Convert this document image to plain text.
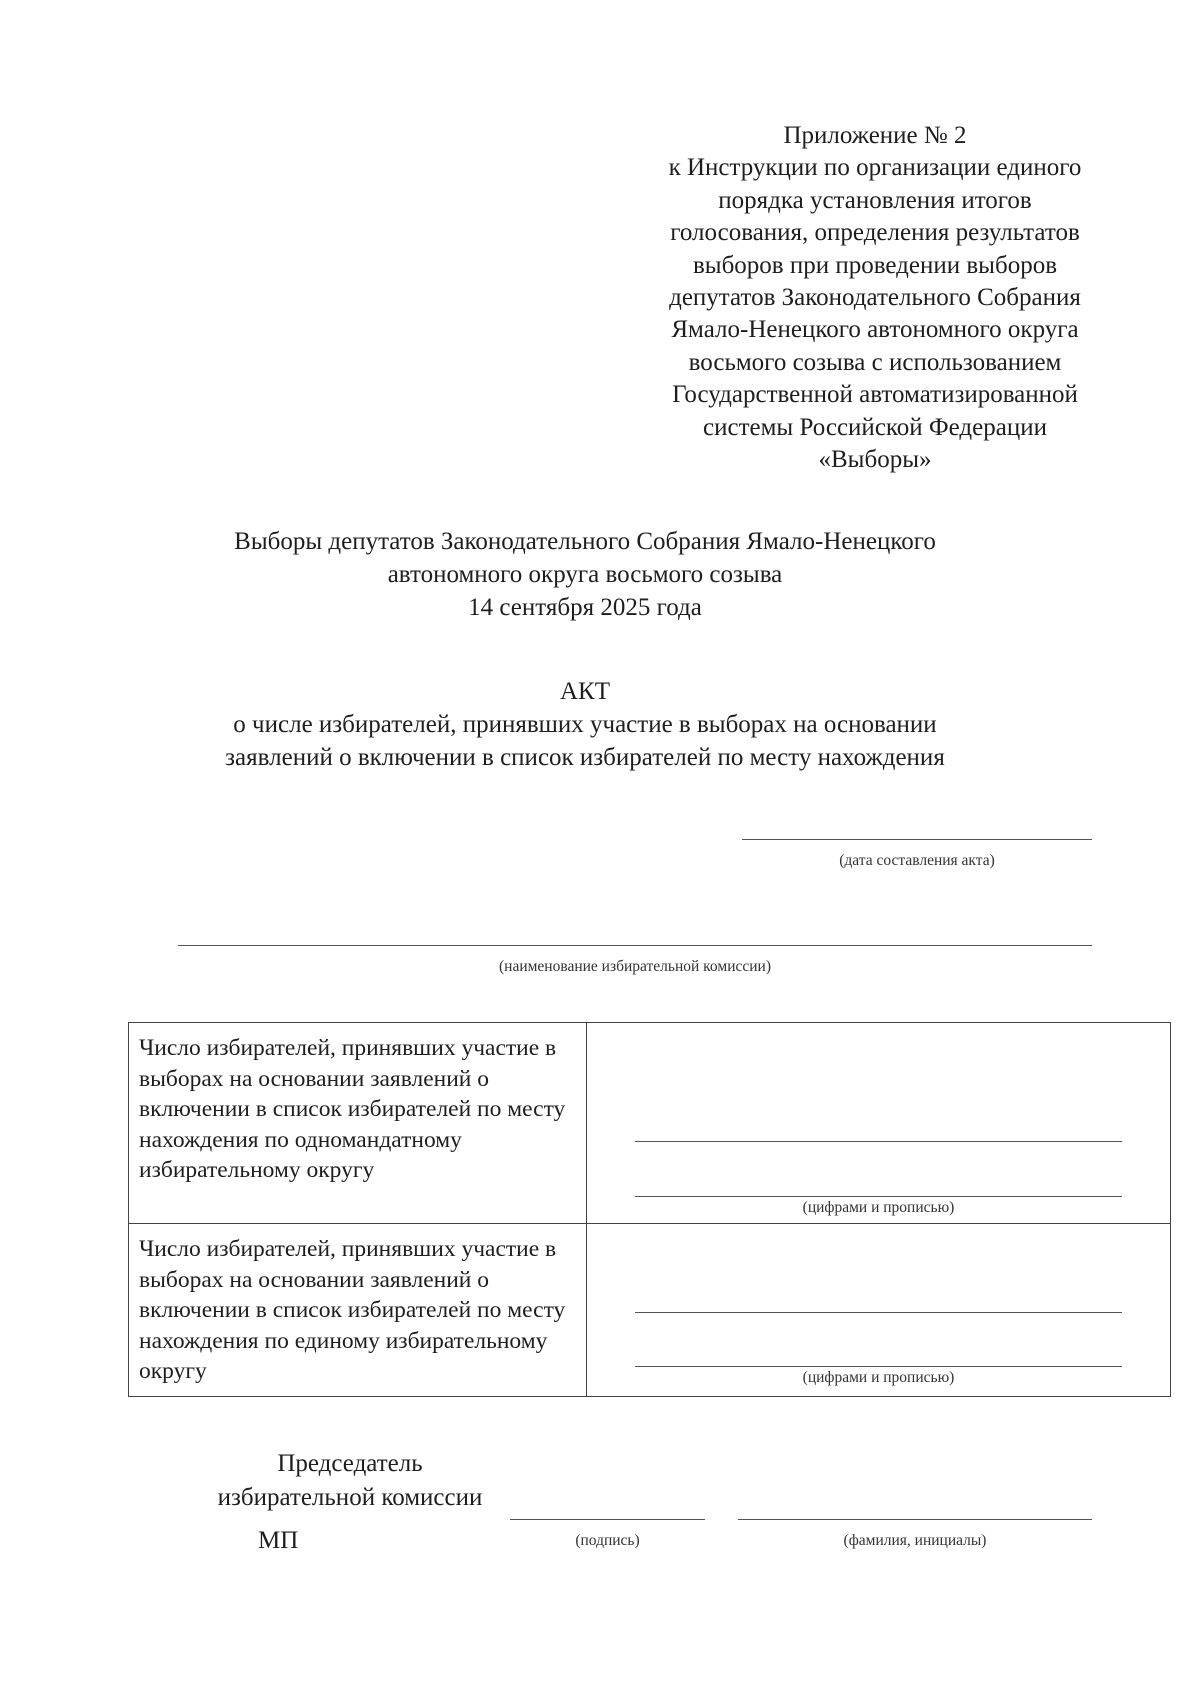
Приложение № 2
к Инструкции по организации единого
порядка установления итогов
голосования, определения результатов
выборов при проведении выборов
депутатов Законодательного Собрания
Ямало-Ненецкого автономного округа
восьмого созыва с использованием
Государственной автоматизированной
системы Российской Федерации
«Выборы»
Выборы депутатов Законодательного Собрания Ямало-Ненецкого
автономного округа восьмого созыва
14 сентября 2025 года
АКТ
о числе избирателей, принявших участие в выборах на основании
заявлений о включении в список избирателей по месту нахождения
(дата составления акта)
(наименование избирательной комиссии)
Число избирателей, принявших участие в выборах на основании заявлений о включении в список избирателей по месту нахождения по одномандатному избирательному округу	(цифрами и прописью)

Число избирателей, принявших участие в выборах на основании заявлений о включении в список избирателей по месту нахождения по единому избирательному округу	(цифрами и прописью)
Председатель
избирательной комиссии
МП	(подпись)	(фамилия, инициалы)
